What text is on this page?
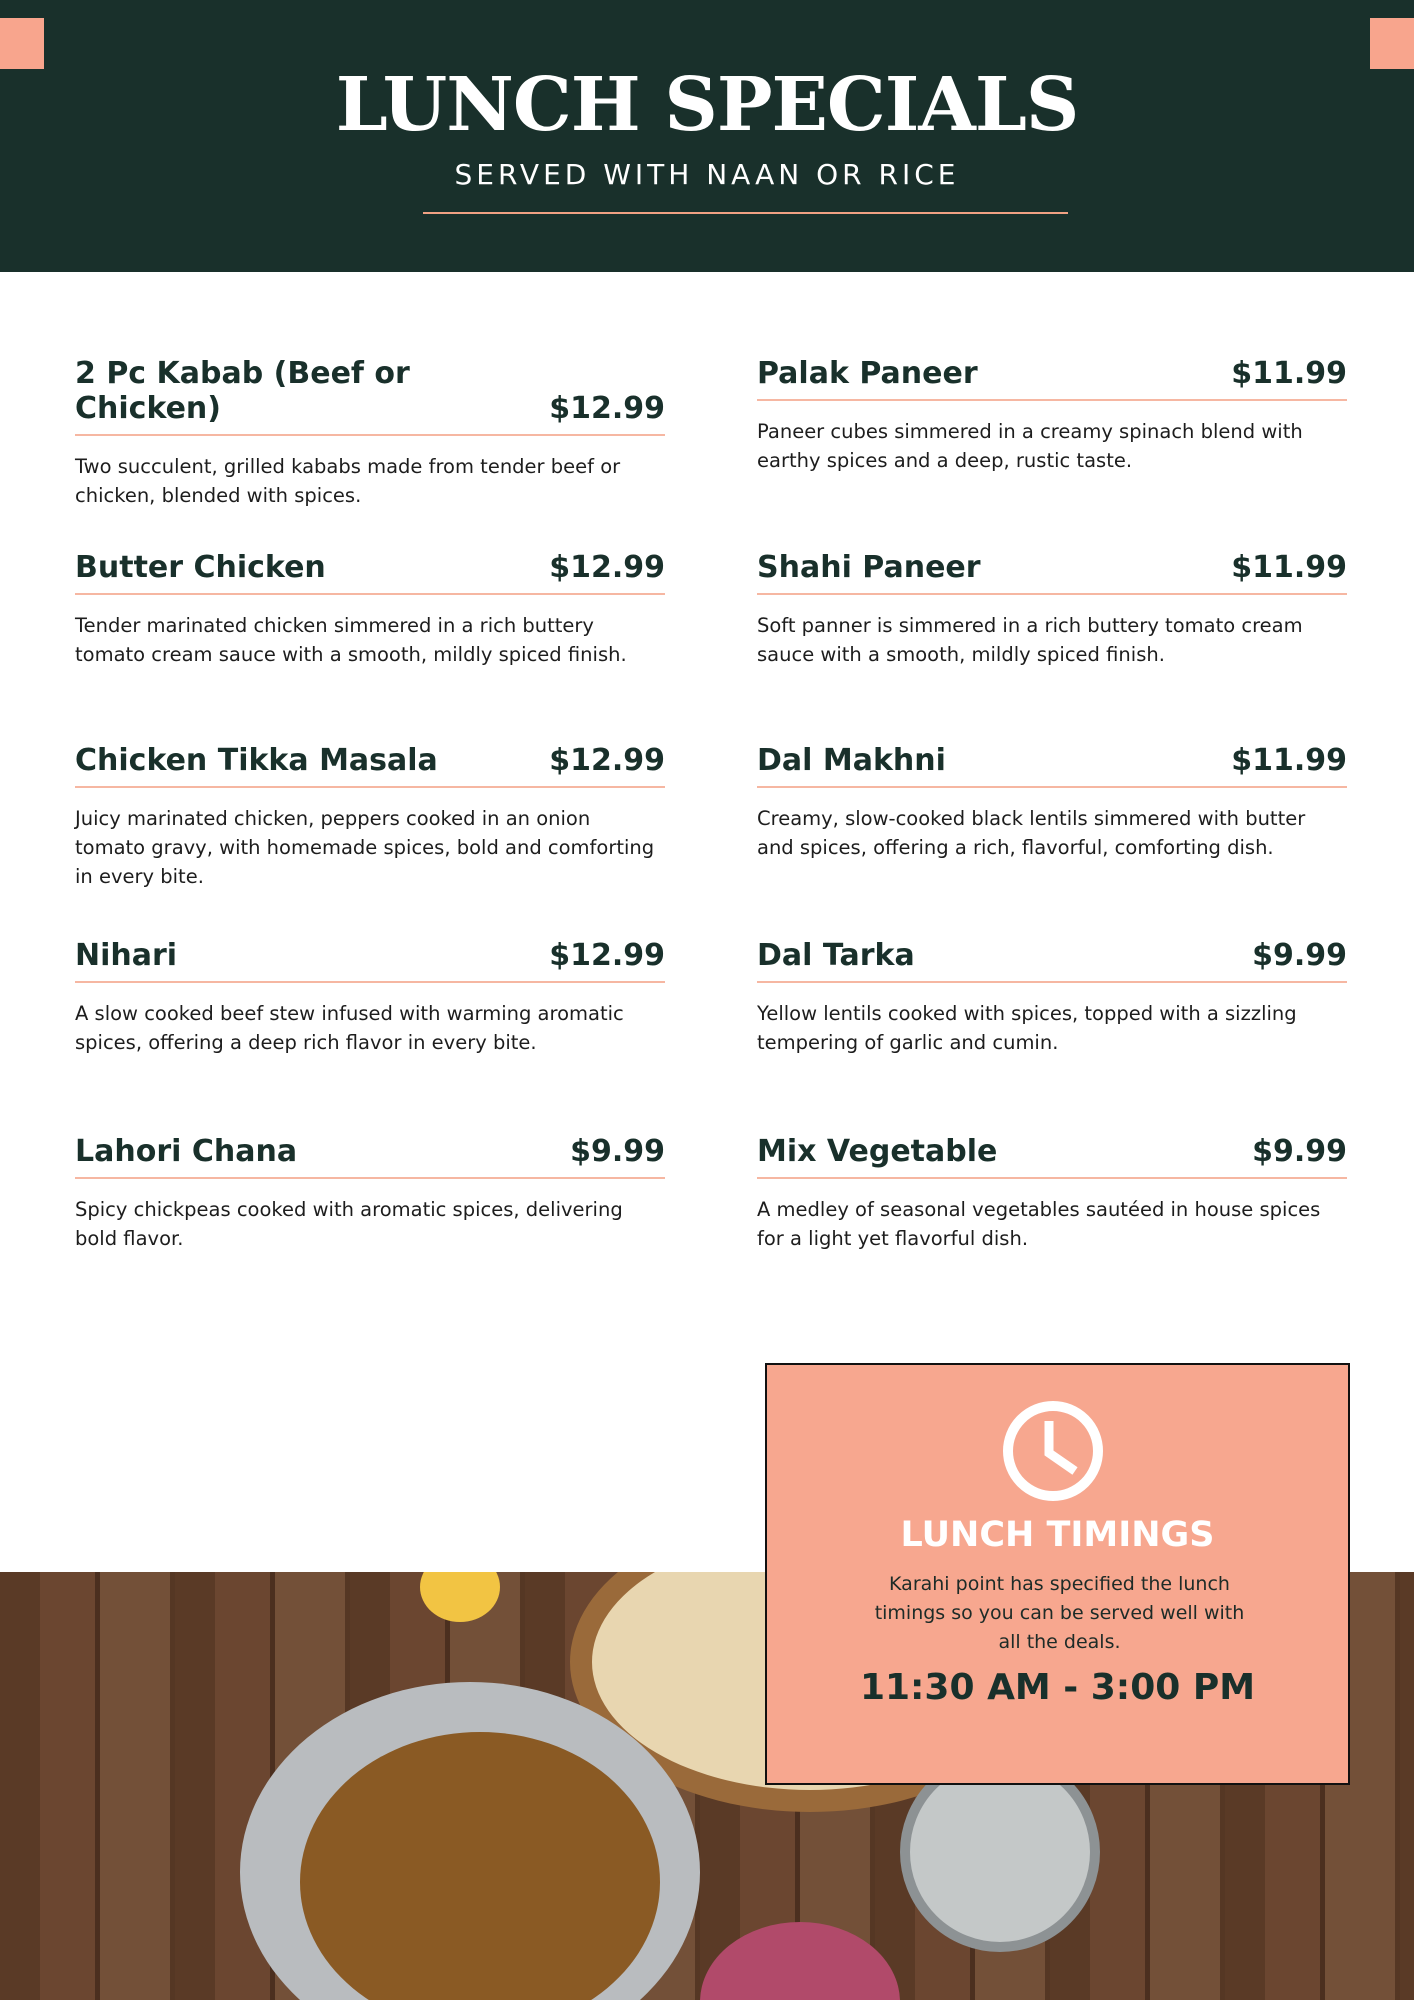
LUNCH SPECIALS
SERVED WITH NAAN OR RICE
2 Pc Kabab (Beef or Chicken)	$12.99
Two succulent, grilled kababs made from tender beef or chicken, blended with spices.
Butter Chicken	$12.99
Tender marinated chicken simmered in a rich buttery tomato cream sauce with a smooth, mildly spiced finish.
Chicken Tikka Masala	$12.99
Juicy marinated chicken, peppers cooked in an onion tomato gravy, with homemade spices, bold and comforting in every bite.
Nihari	$12.99
A slow cooked beef stew infused with warming aromatic spices, offering a deep rich flavor in every bite.
Lahori Chana	$9.99
Spicy chickpeas cooked with aromatic spices, delivering bold flavor.
Palak Paneer	$11.99
Paneer cubes simmered in a creamy spinach blend with earthy spices and a deep, rustic taste.
Shahi Paneer	$11.99
Soft panner is simmered in a rich buttery tomato cream sauce with a smooth, mildly spiced finish.
Dal Makhni	$11.99
Creamy, slow-cooked black lentils simmered with butter and spices, offering a rich, flavorful, comforting dish.
Dal Tarka	$9.99
Yellow lentils cooked with spices, topped with a sizzling tempering of garlic and cumin.
Mix Vegetable	$9.99
A medley of seasonal vegetables sautéed in house spices for a light yet flavorful dish.
LUNCH TIMINGS
Karahi point has specified the lunch timings so you can be served well with all the deals.
11:30 AM - 3:00 PM
